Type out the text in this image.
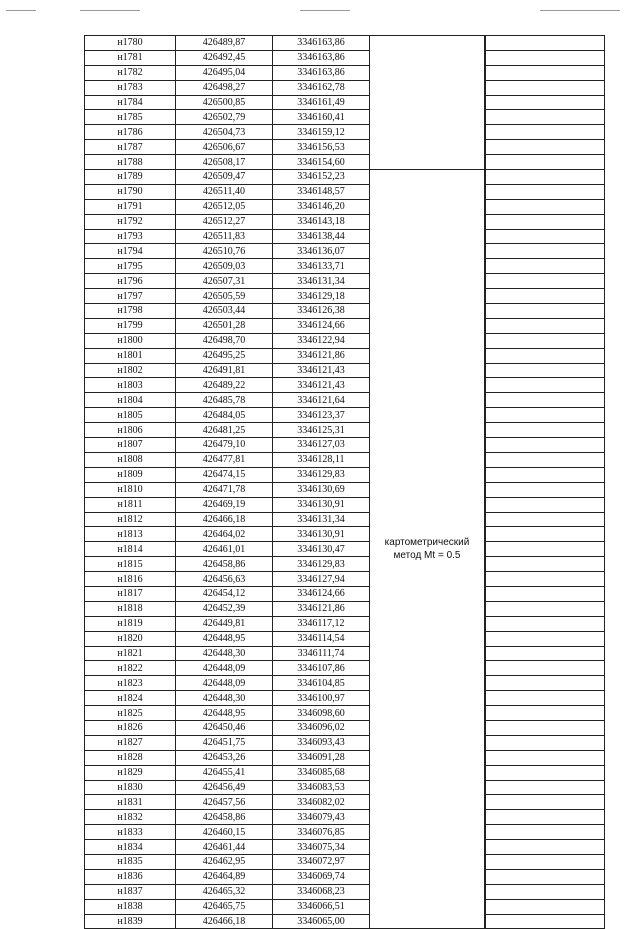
н1780	426489,87	3346163,86			
н1781	426492,45	3346163,86		
н1782	426495,04	3346163,86		
н1783	426498,27	3346162,78		
н1784	426500,85	3346161,49		
н1785	426502,79	3346160,41		
н1786	426504,73	3346159,12		
н1787	426506,67	3346156,53		
н1788	426508,17	3346154,60		
н1789	426509,47	3346152,23	картометрический
метод Mt = 0.5	

н1790	426511,40	3346148,57		
н1791	426512,05	3346146,20		
н1792	426512,27	3346143,18		
н1793	426511,83	3346138,44		
н1794	426510,76	3346136,07		
н1795	426509,03	3346133,71		
н1796	426507,31	3346131,34		
н1797	426505,59	3346129,18		
н1798	426503,44	3346126,38		
н1799	426501,28	3346124,66		
н1800	426498,70	3346122,94		
н1801	426495,25	3346121,86		
н1802	426491,81	3346121,43		
н1803	426489,22	3346121,43		
н1804	426485,78	3346121,64		
н1805	426484,05	3346123,37		
н1806	426481,25	3346125,31		
н1807	426479,10	3346127,03		
н1808	426477,81	3346128,11		
н1809	426474,15	3346129,83		
н1810	426471,78	3346130,69		
н1811	426469,19	3346130,91		
н1812	426466,18	3346131,34		
н1813	426464,02	3346130,91		
н1814	426461,01	3346130,47		
н1815	426458,86	3346129,83		
н1816	426456,63	3346127,94		
н1817	426454,12	3346124,66		
н1818	426452,39	3346121,86		
н1819	426449,81	3346117,12		
н1820	426448,95	3346114,54		
н1821	426448,30	3346111,74		
н1822	426448,09	3346107,86		
н1823	426448,09	3346104,85		
н1824	426448,30	3346100,97		
н1825	426448,95	3346098,60		
н1826	426450,46	3346096,02		
н1827	426451,75	3346093,43		
н1828	426453,26	3346091,28		
н1829	426455,41	3346085,68		
н1830	426456,49	3346083,53		
н1831	426457,56	3346082,02		
н1832	426458,86	3346079,43		
н1833	426460,15	3346076,85		
н1834	426461,44	3346075,34		
н1835	426462,95	3346072,97		
н1836	426464,89	3346069,74		
н1837	426465,32	3346068,23		
н1838	426465,75	3346066,51		
н1839	426466,18	3346065,00		
